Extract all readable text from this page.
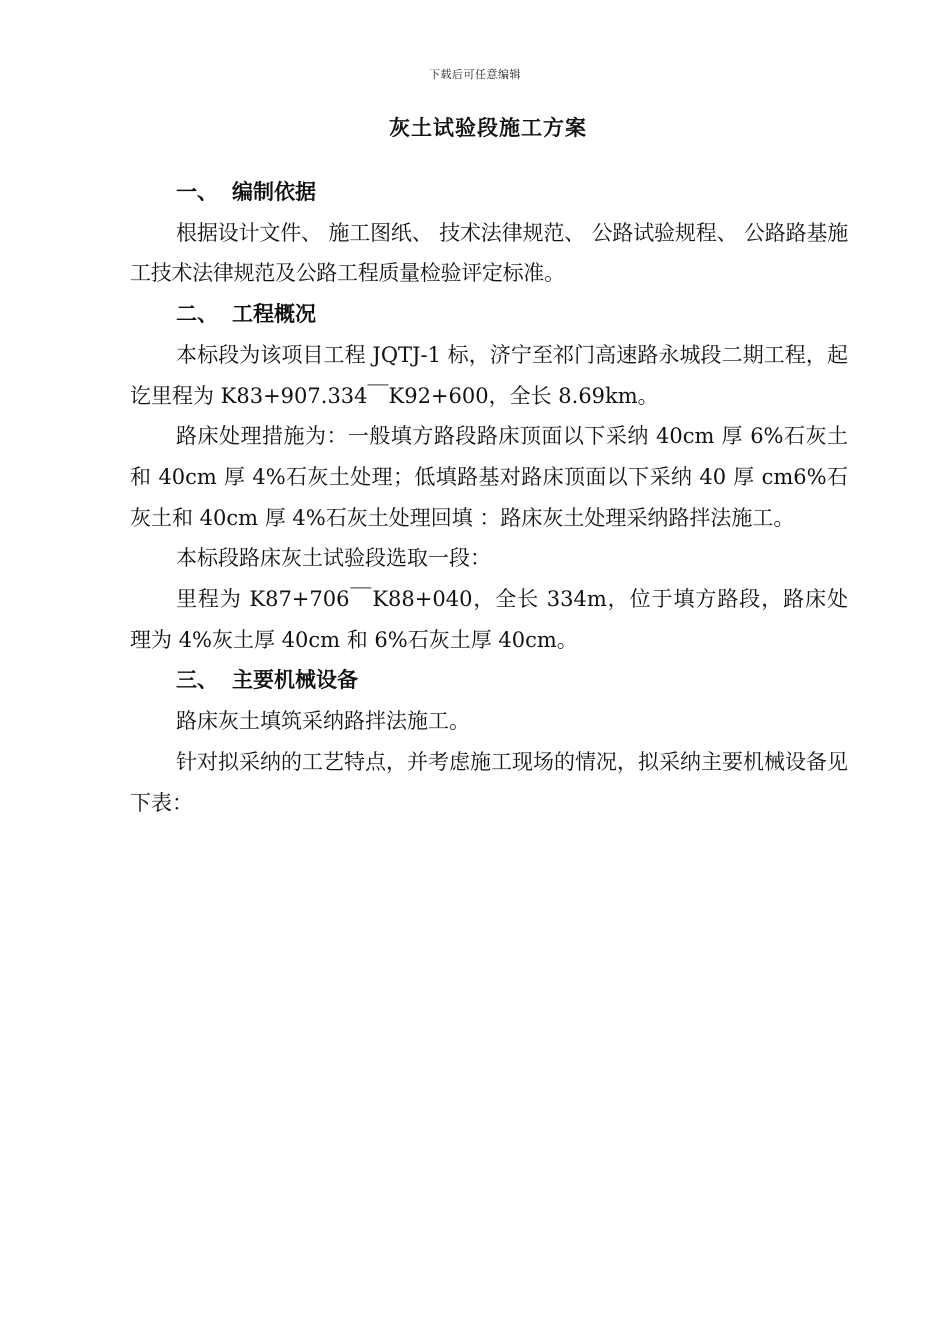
下载后可任意编辑
灰土试验段施工方案
一、 编制依据

根据设计文件、 施工图纸、 技术法律规范、 公路试验规程、 公路路基施工技术法律规范及公路工程质量检验评定标准。

二、 工程概况

本标段为该项目工程 JQTJ-1 标，济宁至祁门高速路永城段二期工程，起讫里程为 K83+907.334￣K92+600，全长 8.69km。

路床处理措施为：一般填方路段路床顶面以下采纳 40cm 厚 6%石灰土和 40cm 厚 4%石灰土处理；低填路基对路床顶面以下采纳 40 厚 cm6%石灰土和 40cm 厚 4%石灰土处理回填 ：路床灰土处理采纳路拌法施工。

本标段路床灰土试验段选取一段：

里程为 K87+706￣K88+040，全长 334m，位于填方路段，路床处理为 4%灰土厚 40cm 和 6%石灰土厚 40cm。

三、 主要机械设备

路床灰土填筑采纳路拌法施工。

针对拟采纳的工艺特点，并考虑施工现场的情况，拟采纳主要机械设备见下表：
